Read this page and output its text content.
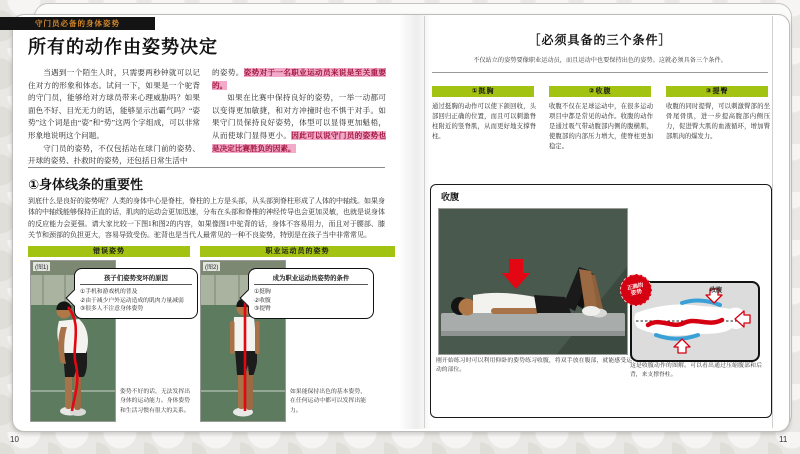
守门员必备的身体姿势
所有的动作由姿势决定

当遇到一个陌生人时，只需要两秒钟就可以记住对方的形象和体态。试问一下，如果是一个驼背的守门员，能够给对方球员带来心理威胁吗？如果面色不好、目光无力的话，能够显示出霸气吗？“姿势”这个词是由“姿”和“势”这两个字组成，可以非常形象地说明这个问题。

守门员的姿势，不仅包括站在球门前的姿势、开球的姿势、扑救时的姿势，还包括日常生活中

的姿势。姿势对于一名职业运动员来说是至关重要的。

如果在比赛中保持良好的姿势，一举一动都可以变得更加敏捷，和对方冲撞时也不惧于对手。如果守门员保持良好姿势，体型可以显得更加魁梧，从而使球门显得更小。因此可以说守门员的姿势也是决定比赛胜负的因素。

①身体线条的重要性
到底什么是良好的姿势呢？人类的身体中心是脊柱，脊柱的上方是头部，从头部到脊柱形成了人体的中轴线。如果身体的中轴线能够保持正直的话，肌肉的运动会更加迅速，分布在头部和脊椎的神经传导也会更加灵敏，也就是说身体的反应能力会更强。请大家比较一下图1和图2的内容，如果像图1中驼背的话，身体不容易用力，而且对于腰部、膝关节和颈部的负担更大，容易导致受伤。驼背也是当代人最常见的一种不良姿势，特别是在孩子当中非常常见。
错误姿势
(图1)
孩子们姿势变坏的原因
①手机和游戏机的普及
②由于减少户外运动造成的肌肉力量减弱
③很多人不注意身体姿势
姿势不好的话，无法发挥出身体的运动能力。身体姿势和生活习惯有很大的关系。
职业运动员的姿势
(图2)
成为职业运动员姿势的条件
①挺胸
②收腹
③提臀
如果能保持出色的基本姿势，在任何运动中都可以发挥出能力。
［必须具备的三个条件］
不仅站立的姿势要像职业运动员，而且运动中也要保持出色的姿势。这就必须具备三个条件。
①挺胸
通过挺胸的动作可以使下颌回收，头部回归正确的位置，而且可以刺激脊柱附近的竖脊肌，从而更好地支撑脊柱。
②收腹
收腹不仅在足球运动中，在很多运动项目中都是常见的动作。收腹的动作是通过吸气带动腹部内侧的腹横肌，使腹部的内部压力增大，使脊柱更加稳定。
③提臀
收腹的同时提臀，可以刺激臀部的坐骨尾骨肌，进一步提高腹部内侧压力，促进臀大肌的血液循环，增加臀部肌肉的爆发力。
收腹
刚开始练习时可以利用仰卧的姿势练习收腹，将双手放在腹部，就能感受运动的部位。
正确的姿势	收腹
这是收腹动作的图解。可以看出通过压缩腹部和后背，来支撑脊柱。
10	11
